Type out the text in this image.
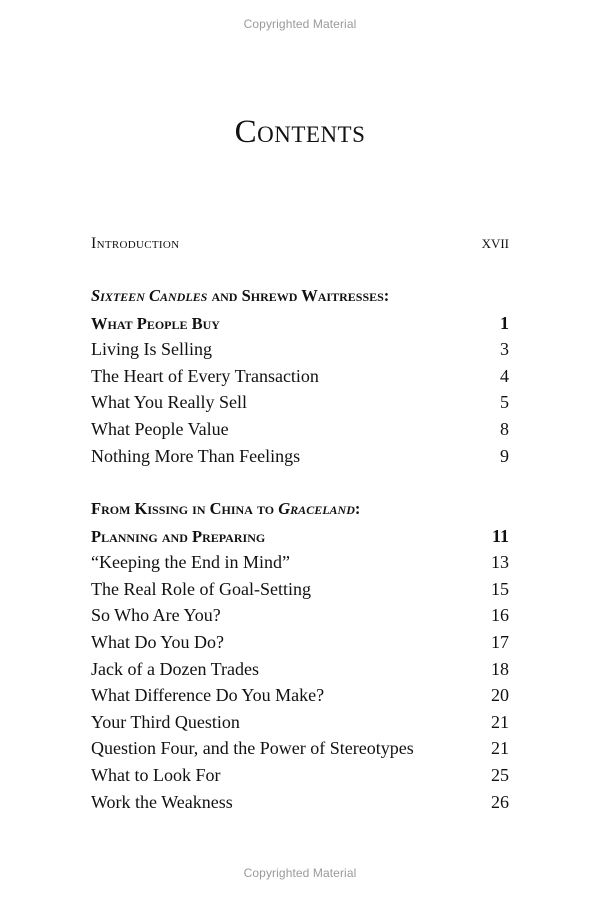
Copyrighted Material
Contents
Introduction	xvii
Sixteen Candles and Shrewd Waitresses:
What People Buy	1
Living Is Selling	3
The Heart of Every Transaction	4
What You Really Sell	5
What People Value	8
Nothing More Than Feelings	9
From Kissing in China to Graceland:
Planning and Preparing	11
“Keeping the End in Mind”	13
The Real Role of Goal-Setting	15
So Who Are You?	16
What Do You Do?	17
Jack of a Dozen Trades	18
What Difference Do You Make?	20
Your Third Question	21
Question Four, and the Power of Stereotypes	21
What to Look For	25
Work the Weakness	26
Copyrighted Material
